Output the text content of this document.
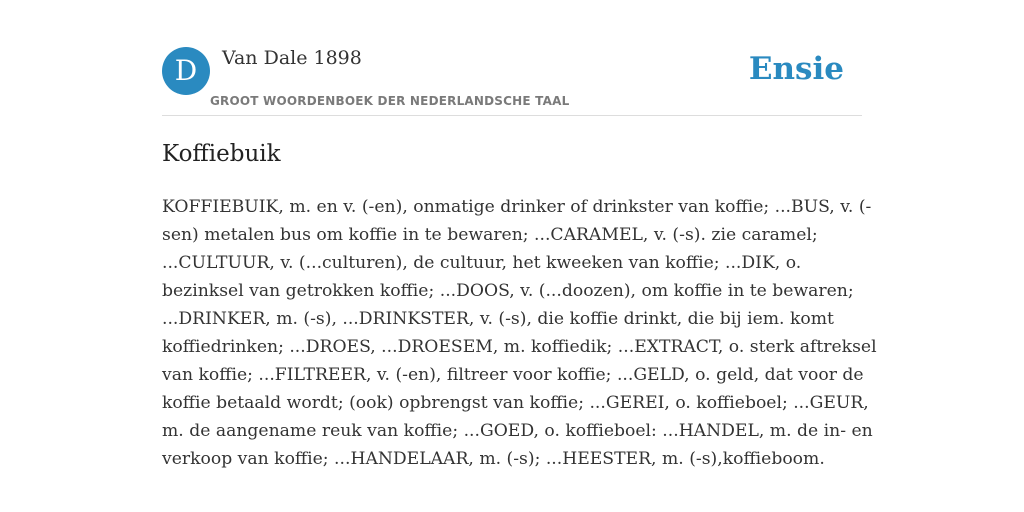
D	Van Dale 1898
GROOT WOORDENBOEK DER NEDERLANDSCHE TAAL
Ensie
Koffiebuik

KOFFIEBUIK, m. en v. (-en), onmatige drinker of drinkster van koffie; ...BUS, v. (-
sen) metalen bus om koffie in te bewaren; ...CARAMEL, v. (-s). zie caramel;
...CULTUUR, v. (...culturen), de cultuur, het kweeken van koffie; ...DIK, o.
bezinksel van getrokken koffie; ...DOOS, v. (...doozen), om koffie in te bewaren;
...DRINKER, m. (-s), ...DRINKSTER, v. (-s), die koffie drinkt, die bij iem. komt
koffiedrinken; ...DROES, ...DROESEM, m. koffiedik; ...EXTRACT, o. sterk aftreksel
van koffie; ...FILTREER, v. (-en), filtreer voor koffie; ...GELD, o. geld, dat voor de
koffie betaald wordt; (ook) opbrengst van koffie; ...GEREI, o. koffieboel; ...GEUR,
m. de aangename reuk van koffie; ...GOED, o. koffieboel: ...HANDEL, m. de in- en
verkoop van koffie; ...HANDELAAR, m. (-s); ...HEESTER, m. (-s),koffieboom.
